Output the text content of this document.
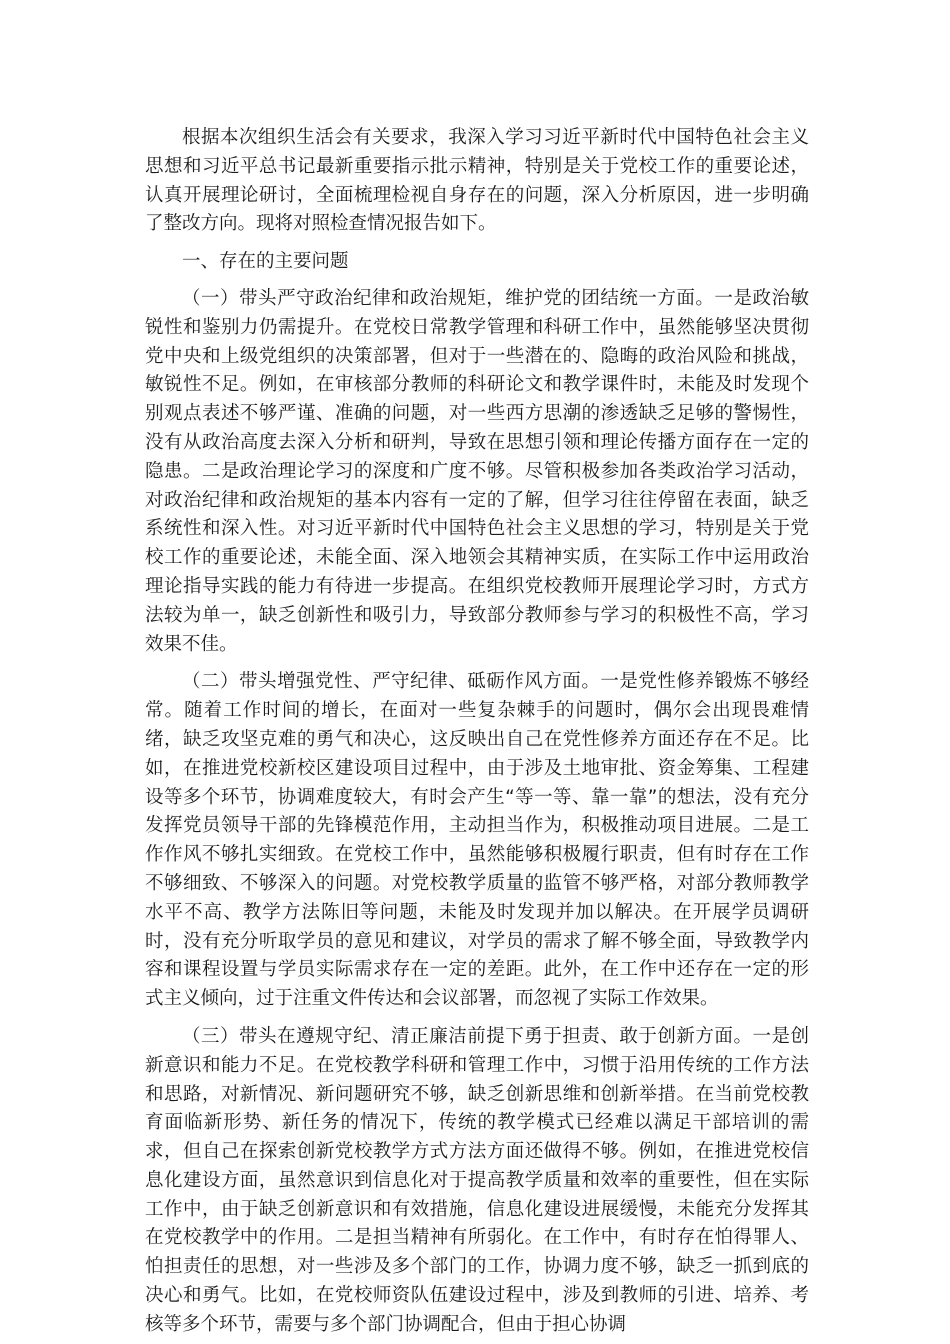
根据本次组织生活会有关要求，我深入学习习近平新时代中国特色社会主义思想和习近平总书记最新重要指示批示精神，特别是关于党校工作的重要论述，认真开展理论研讨，全面梳理检视自身存在的问题，深入分析原因，进一步明确了整改方向。现将对照检查情况报告如下。

一、存在的主要问题

（一）带头严守政治纪律和政治规矩，维护党的团结统一方面。一是政治敏锐性和鉴别力仍需提升。在党校日常教学管理和科研工作中，虽然能够坚决贯彻党中央和上级党组织的决策部署，但对于一些潜在的、隐晦的政治风险和挑战，敏锐性不足。例如，在审核部分教师的科研论文和教学课件时，未能及时发现个别观点表述不够严谨、准确的问题，对一些西方思潮的渗透缺乏足够的警惕性，没有从政治高度去深入分析和研判，导致在思想引领和理论传播方面存在一定的隐患。二是政治理论学习的深度和广度不够。尽管积极参加各类政治学习活动，对政治纪律和政治规矩的基本内容有一定的了解，但学习往往停留在表面，缺乏系统性和深入性。对习近平新时代中国特色社会主义思想的学习，特别是关于党校工作的重要论述，未能全面、深入地领会其精神实质，在实际工作中运用政治理论指导实践的能力有待进一步提高。在组织党校教师开展理论学习时，方式方法较为单一，缺乏创新性和吸引力，导致部分教师参与学习的积极性不高，学习效果不佳。

（二）带头增强党性、严守纪律、砥砺作风方面。一是党性修养锻炼不够经常。随着工作时间的增长，在面对一些复杂棘手的问题时，偶尔会出现畏难情绪，缺乏攻坚克难的勇气和决心，这反映出自己在党性修养方面还存在不足。比如，在推进党校新校区建设项目过程中，由于涉及土地审批、资金筹集、工程建设等多个环节，协调难度较大，有时会产生“等一等、靠一靠”的想法，没有充分发挥党员领导干部的先锋模范作用，主动担当作为，积极推动项目进展。二是工作作风不够扎实细致。在党校工作中，虽然能够积极履行职责，但有时存在工作不够细致、不够深入的问题。对党校教学质量的监管不够严格，对部分教师教学水平不高、教学方法陈旧等问题，未能及时发现并加以解决。在开展学员调研时，没有充分听取学员的意见和建议，对学员的需求了解不够全面，导致教学内容和课程设置与学员实际需求存在一定的差距。此外，在工作中还存在一定的形式主义倾向，过于注重文件传达和会议部署，而忽视了实际工作效果。

（三）带头在遵规守纪、清正廉洁前提下勇于担责、敢于创新方面。一是创新意识和能力不足。在党校教学科研和管理工作中，习惯于沿用传统的工作方法和思路，对新情况、新问题研究不够，缺乏创新思维和创新举措。在当前党校教育面临新形势、新任务的情况下，传统的教学模式已经难以满足干部培训的需求，但自己在探索创新党校教学方式方法方面还做得不够。例如，在推进党校信息化建设方面，虽然意识到信息化对于提高教学质量和效率的重要性，但在实际工作中，由于缺乏创新意识和有效措施，信息化建设进展缓慢，未能充分发挥其在党校教学中的作用。二是担当精神有所弱化。在工作中，有时存在怕得罪人、怕担责任的思想，对一些涉及多个部门的工作，协调力度不够，缺乏一抓到底的决心和勇气。比如，在党校师资队伍建设过程中，涉及到教师的引进、培养、考核等多个环节，需要与多个部门协调配合，但由于担心协调
